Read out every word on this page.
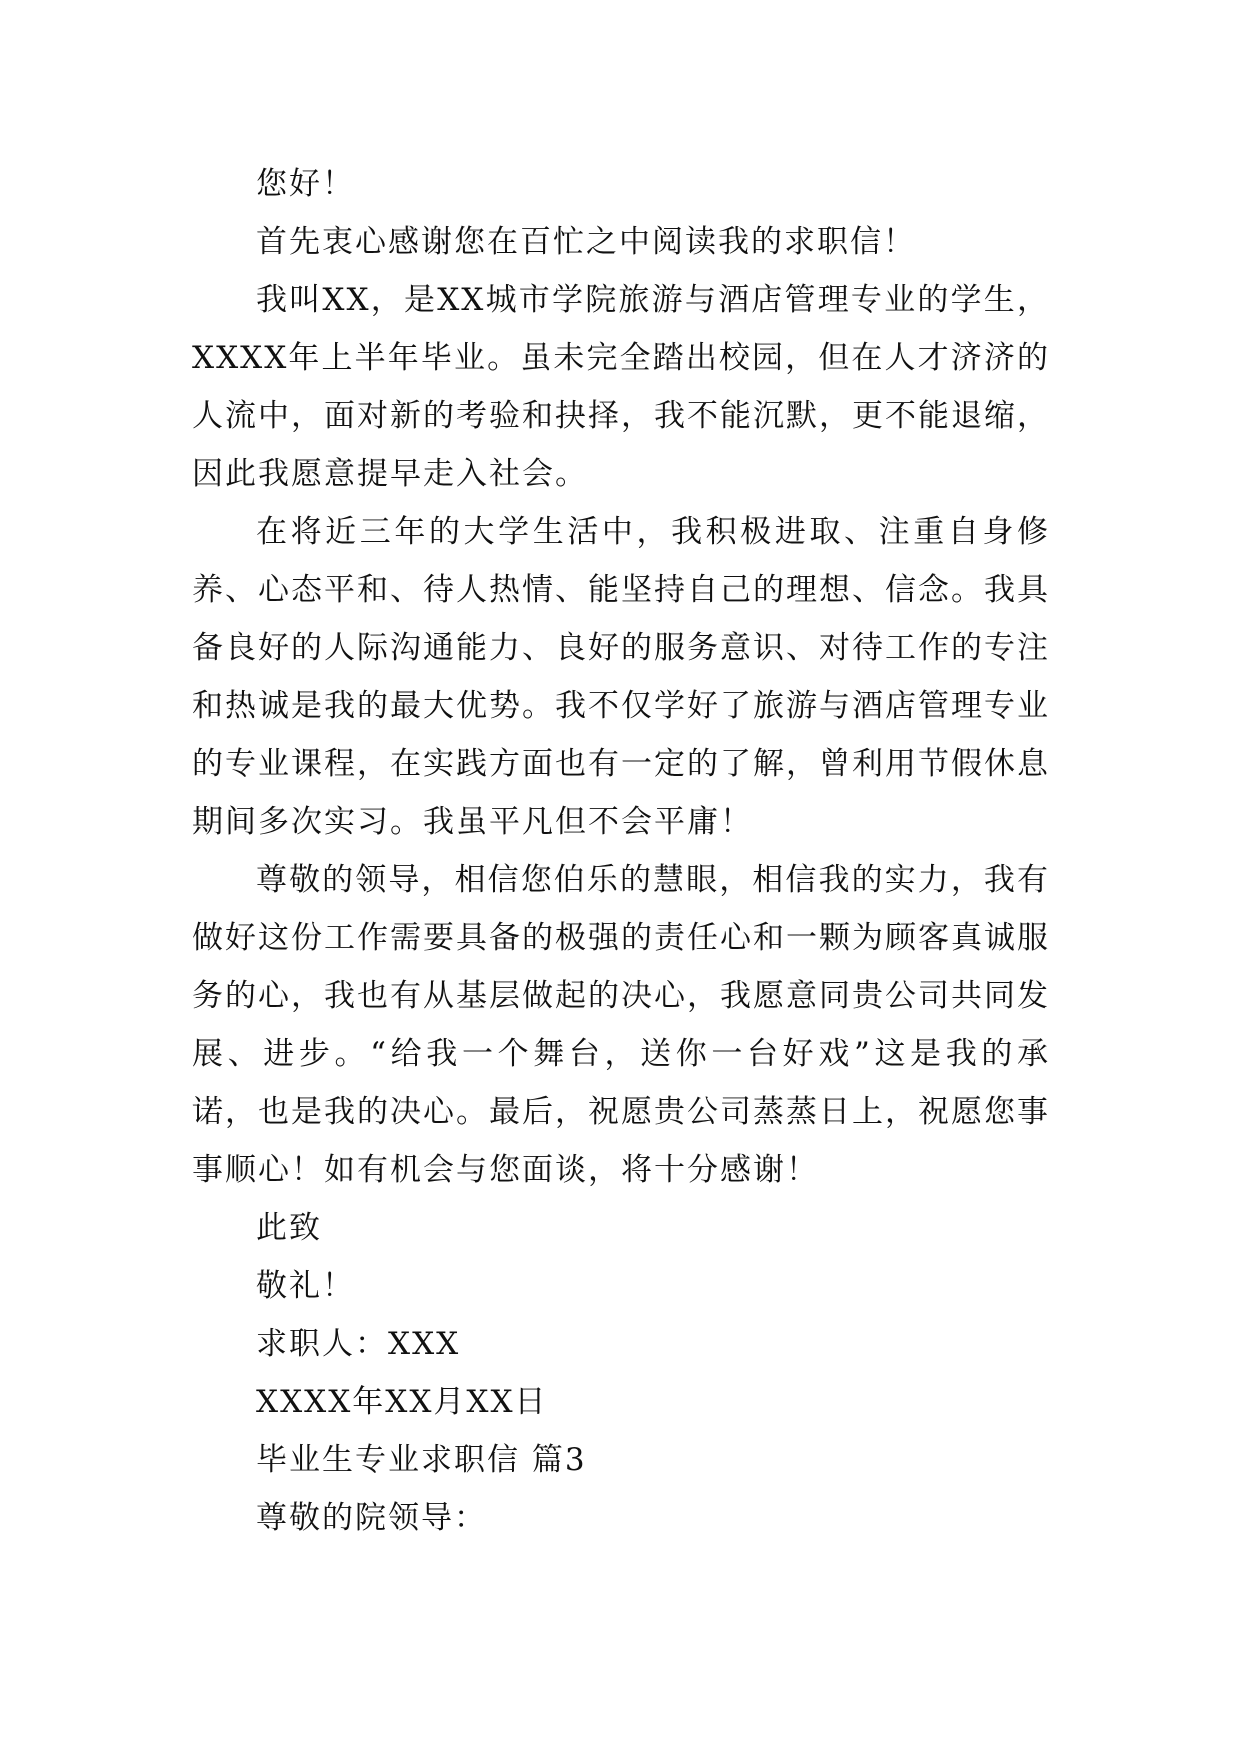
您好！

首先衷心感谢您在百忙之中阅读我的求职信！

我叫XX，是XX城市学院旅游与酒店管理专业的学生，XXXX年上半年毕业。虽未完全踏出校园，但在人才济济的人流中，面对新的考验和抉择，我不能沉默，更不能退缩，因此我愿意提早走入社会。

在将近三年的大学生活中，我积极进取、注重自身修养、心态平和、待人热情、能坚持自己的理想、信念。我具备良好的人际沟通能力、良好的服务意识、对待工作的专注和热诚是我的最大优势。我不仅学好了旅游与酒店管理专业的专业课程，在实践方面也有一定的了解，曾利用节假休息期间多次实习。我虽平凡但不会平庸！

尊敬的领导，相信您伯乐的慧眼，相信我的实力，我有做好这份工作需要具备的极强的责任心和一颗为顾客真诚服务的心，我也有从基层做起的决心，我愿意同贵公司共同发展、进步。“给我一个舞台，送你一台好戏”这是我的承诺，也是我的决心。最后，祝愿贵公司蒸蒸日上，祝愿您事事顺心！如有机会与您面谈，将十分感谢！

此致

敬礼！

求职人：XXX

XXXX年XX月XX日

毕业生专业求职信 篇3

尊敬的院领导：
